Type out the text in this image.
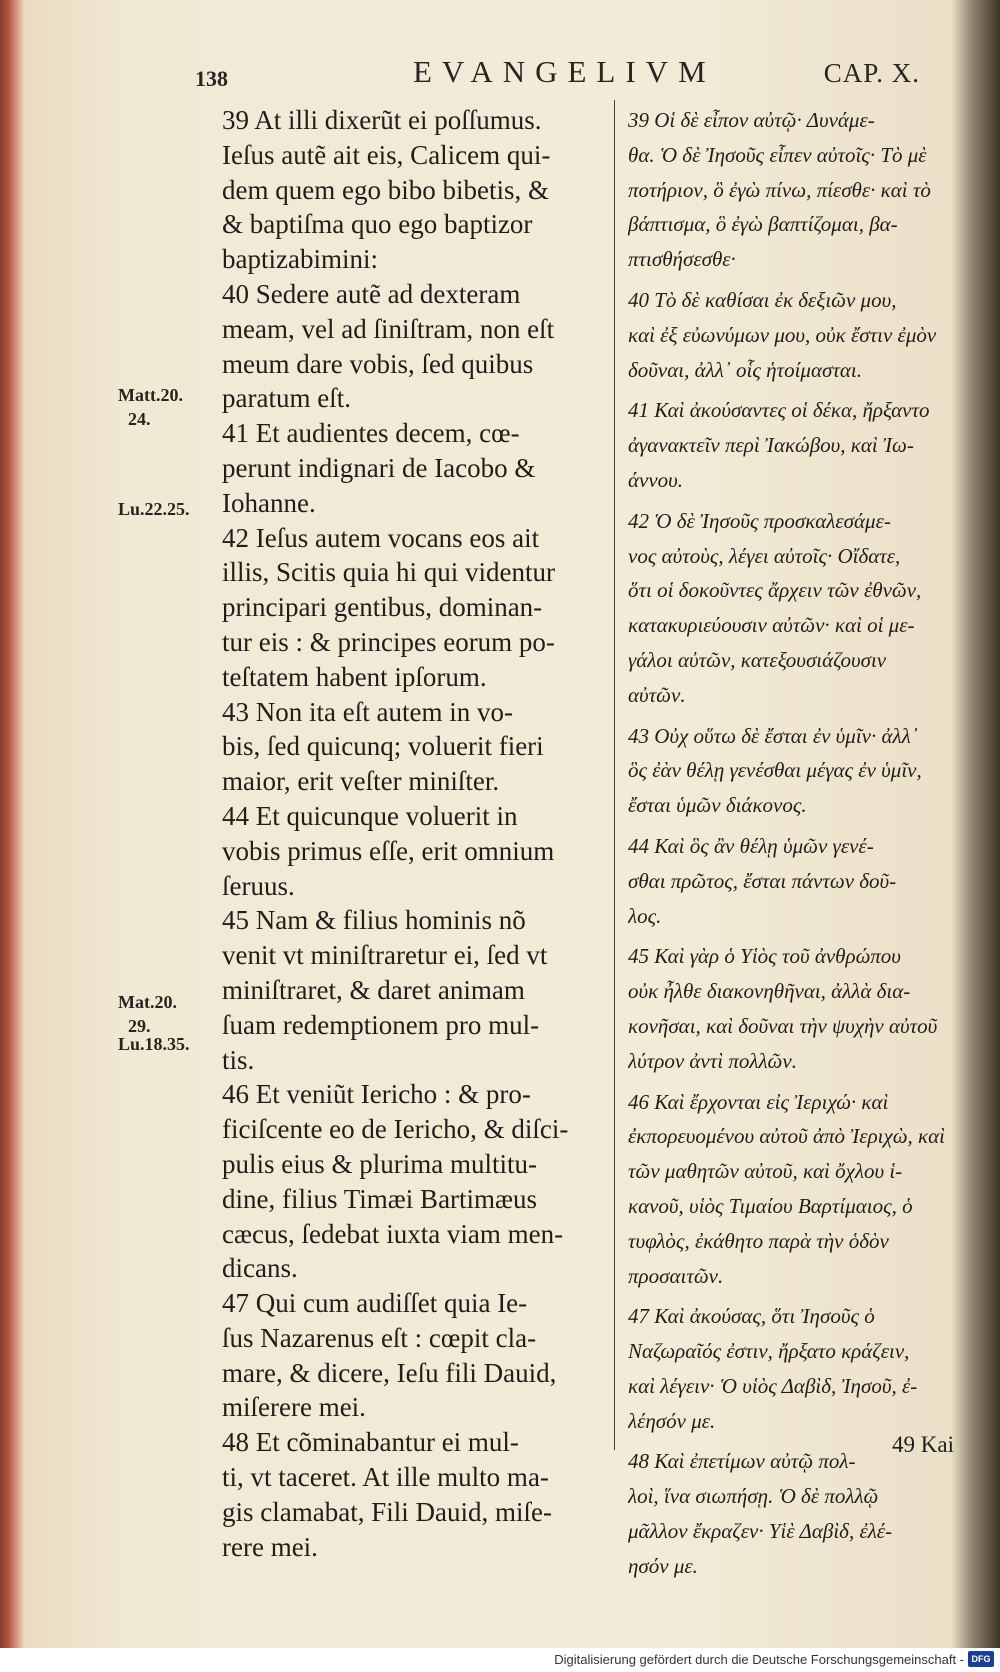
138	EVANGELIVM	CAP. X.
Matt.20.
24.
Lu.22.25.
Mat.20.
29.
Lu.18.35.
39 At illi dixerũt ei poſſumus.
Ieſus autẽ ait eis, Calicem qui-
dem quem ego bibo bibetis, &
& baptiſma quo ego baptizor
baptizabimini:
40 Sedere autẽ ad dexteram
meam, vel ad ſiniſtram, non eſt
meum dare vobis, ſed quibus
paratum eſt.
41 Et audientes decem, cœ-
perunt indignari de Iacobo &
Iohanne.
42 Ieſus autem vocans eos ait
illis, Scitis quia hi qui videntur
principari gentibus, dominan-
tur eis : & principes eorum po-
teſtatem habent ipſorum.
43 Non ita eſt autem in vo-
bis, ſed quicunq; voluerit fieri
maior, erit veſter miniſter.
44 Et quicunque voluerit in
vobis primus eſſe, erit omnium
ſeruus.
45 Nam & filius hominis nõ
venit vt miniſtraretur ei, ſed vt
miniſtraret, & daret animam
ſuam redemptionem pro mul-
tis.
46 Et veniũt Iericho : & pro-
ficiſcente eo de Iericho, & diſci-
pulis eius & plurima multitu-
dine, filius Timæi Bartimæus
cæcus, ſedebat iuxta viam men-
dicans.
47 Qui cum audiſſet quia Ie-
ſus Nazarenus eſt : cœpit cla-
mare, & dicere, Ieſu fili Dauid,
miſerere mei.
48 Et cõminabantur ei mul-
ti, vt taceret. At ille multo ma-
gis clamabat, Fili Dauid, miſe-
rere mei.
39 Οἱ δὲ εἶπον αὐτῷ· Δυνάμε-
θα. Ὁ δὲ Ἰησοῦς εἶπεν αὐτοῖς· Τὸ μὲ
ποτήριον, ὃ ἐγὼ πίνω, πίεσθε· καὶ τὸ
βάπτισμα, ὃ ἐγὼ βαπτίζομαι, βα-
πτισθήσεσθε·
40 Τὸ δὲ καθίσαι ἐκ δεξιῶν μου,
καὶ ἐξ εὐωνύμων μου, οὐκ ἔστιν ἐμὸν
δοῦναι, ἀλλ᾽ οἷς ἡτοίμασται.
41 Καὶ ἀκούσαντες οἱ δέκα, ἤρξαντο
ἀγανακτεῖν περὶ Ἰακώβου, καὶ Ἰω-
άννου.
42 Ὁ δὲ Ἰησοῦς προσκαλεσάμε-
νος αὐτοὺς, λέγει αὐτοῖς· Οἴδατε,
ὅτι οἱ δοκοῦντες ἄρχειν τῶν ἐθνῶν,
κατακυριεύουσιν αὐτῶν· καὶ οἱ με-
γάλοι αὐτῶν, κατεξουσιάζουσιν
αὐτῶν.
43 Οὐχ οὕτω δὲ ἔσται ἐν ὑμῖν· ἀλλ᾽
ὃς ἐὰν θέλῃ γενέσθαι μέγας ἐν ὑμῖν,
ἔσται ὑμῶν διάκονος.
44 Καὶ ὃς ἂν θέλῃ ὑμῶν γενέ-
σθαι πρῶτος, ἔσται πάντων δοῦ-
λος.
45 Καὶ γὰρ ὁ Υἱὸς τοῦ ἀνθρώπου
οὐκ ἦλθε διακονηθῆναι, ἀλλὰ δια-
κονῆσαι, καὶ δοῦναι τὴν ψυχὴν αὐτοῦ
λύτρον ἀντὶ πολλῶν.
46 Καὶ ἔρχονται εἰς Ἰεριχώ· καὶ
ἐκπορευομένου αὐτοῦ ἀπὸ Ἰεριχὼ, καὶ
τῶν μαθητῶν αὐτοῦ, καὶ ὄχλου ἱ-
κανοῦ, υἱὸς Τιμαίου Βαρτίμαιος, ὁ
τυφλὸς, ἐκάθητο παρὰ τὴν ὁδὸν
προσαιτῶν.
47 Καὶ ἀκούσας, ὅτι Ἰησοῦς ὁ
Ναζωραῖός ἐστιν, ἤρξατο κράζειν,
καὶ λέγειν· Ὁ υἱὸς Δαβὶδ, Ἰησοῦ, ἐ-
λέησόν με.
48 Καὶ ἐπετίμων αὐτῷ πολ-
λοὶ, ἵνα σιωπήσῃ. Ὁ δὲ πολλῷ
μᾶλλον ἔκραζεν· Υἱὲ Δαβὶδ, ἐλέ-
ησόν με.
49 Kai
Digitalisierung gefördert durch die Deutsche Forschungsgemeinschaft - DFG
